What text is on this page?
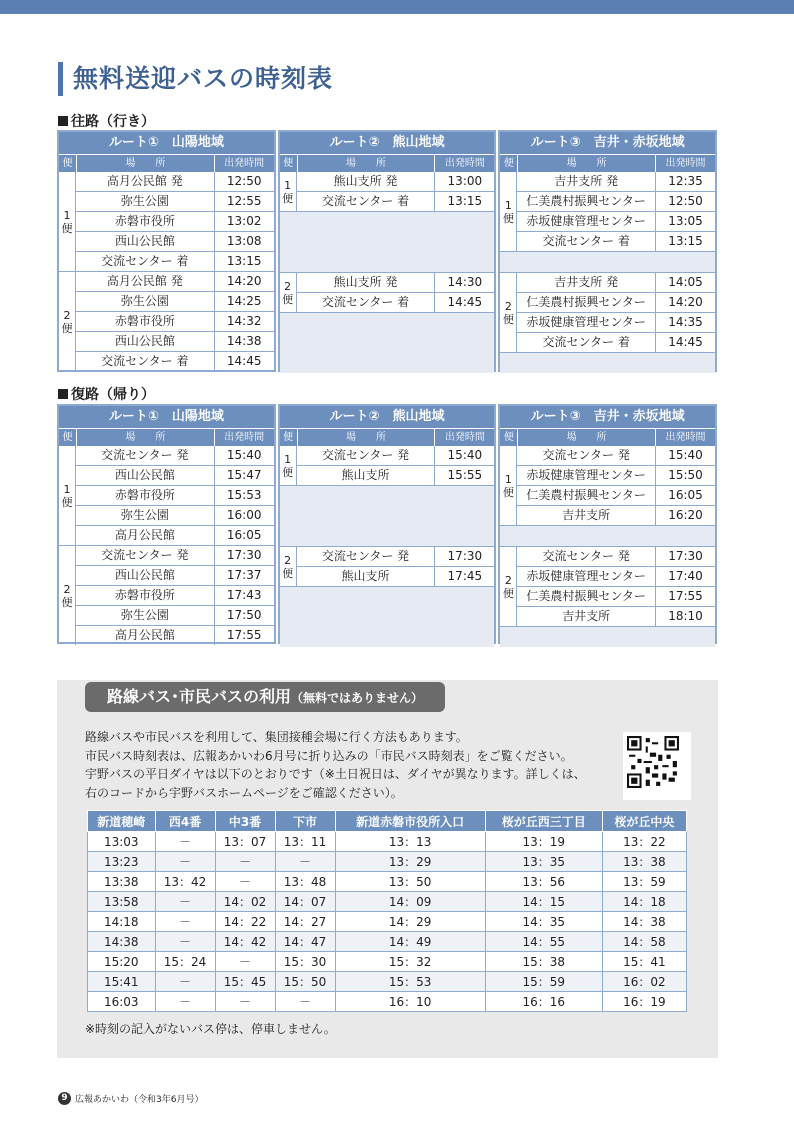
無料送迎バスの時刻表
往路（行き）
ルート①　山陽地域
便	場　　所	出発時間
1
便
高月公民館 発	12:50
弥生公園	12:55
赤磐市役所	13:02
西山公民館	13:08
交流センター 着	13:15
2
便
高月公民館 発	14:20
弥生公園	14:25
赤磐市役所	14:32
西山公民館	14:38
交流センター 着	14:45
ルート②　熊山地域
便	場　　所	出発時間
1
便
熊山支所 発	13:00
交流センター 着	13:15
2
便
熊山支所 発	14:30
交流センター 着	14:45
ルート③　吉井・赤坂地域
便	場　　所	出発時間
1
便
吉井支所 発	12:35
仁美農村振興センター	12:50
赤坂健康管理センター	13:05
交流センター 着	13:15
2
便
吉井支所 発	14:05
仁美農村振興センター	14:20
赤坂健康管理センター	14:35
交流センター 着	14:45
復路（帰り）
ルート①　山陽地域
便	場　　所	出発時間
1
便
交流センター 発	15:40
西山公民館	15:47
赤磐市役所	15:53
弥生公園	16:00
高月公民館	16:05
2
便
交流センター 発	17:30
西山公民館	17:37
赤磐市役所	17:43
弥生公園	17:50
高月公民館	17:55
ルート②　熊山地域
便	場　　所	出発時間
1
便
交流センター 発	15:40
熊山支所	15:55
2
便
交流センター 発	17:30
熊山支所	17:45
ルート③　吉井・赤坂地域
便	場　　所	出発時間
1
便
交流センター 発	15:40
赤坂健康管理センター	15:50
仁美農村振興センター	16:05
吉井支所	16:20
2
便
交流センター 発	17:30
赤坂健康管理センター	17:40
仁美農村振興センター	17:55
吉井支所	18:10
路線バス･市民バスの利用（無料ではありません）
路線バスや市民バスを利用して、集団接種会場に行く方法もあります。
市民バス時刻表は、広報あかいわ6月号に折り込みの「市民バス時刻表」をご覧ください。
宇野バスの平日ダイヤは以下のとおりです（※土日祝日は、ダイヤが異なります。詳しくは、
右のコードから宇野バスホームページをご確認ください）。
新道穂崎	西4番	中3番	下市	新道赤磐市役所入口	桜が丘西三丁目	桜が丘中央
13:03	－	13：07	13：11	13：13	13：19	13：22
13:23	－	－	－	13：29	13：35	13：38
13:38	13：42	－	13：48	13：50	13：56	13：59
13:58	－	14：02	14：07	14：09	14：15	14：18
14:18	－	14：22	14：27	14：29	14：35	14：38
14:38	－	14：42	14：47	14：49	14：55	14：58
15:20	15：24	－	15：30	15：32	15：38	15：41
15:41	－	15：45	15：50	15：53	15：59	16：02
16:03	－	－	－	16：10	16：16	16：19
※時刻の記入がないバス停は、停車しません。
9 広報あかいわ（令和3年6月号）
